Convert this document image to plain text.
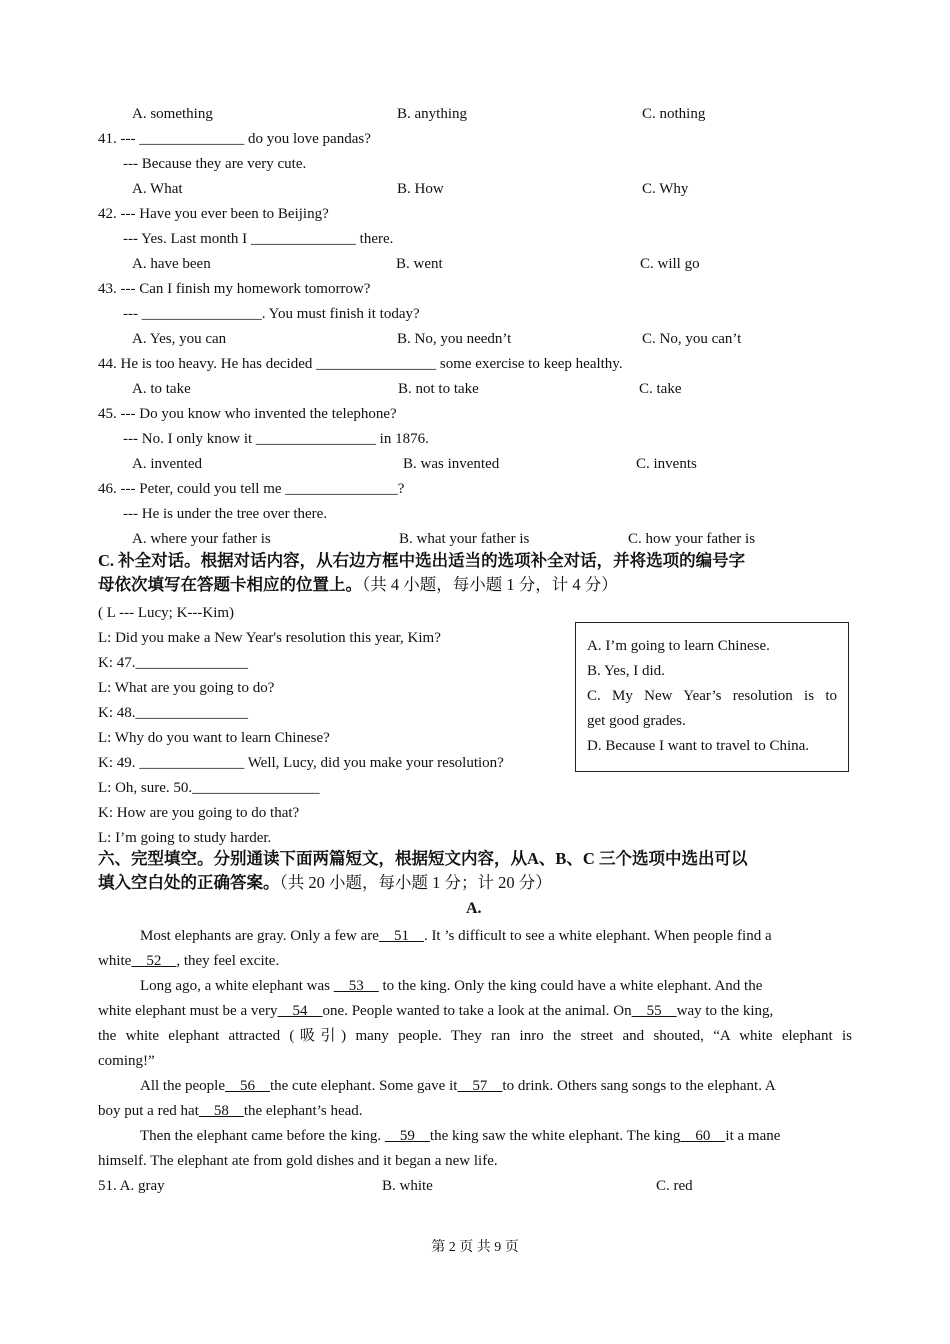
A. something	B. anything	C. nothing
41. --- ______________ do you love pandas?
--- Because they are very cute.
A. What	B. How	C. Why
42. --- Have you ever been to Beijing?
--- Yes. Last month I ______________ there.
A. have been	B. went	C. will go
43. --- Can I finish my homework tomorrow?
--- ________________. You must finish it today?
A. Yes, you can	B. No, you needn’t	C. No, you can’t
44. He is too heavy. He has decided ________________ some exercise to keep healthy.
A. to take	B. not to take	C. take
45. --- Do you know who invented the telephone?
--- No. I only know it ________________ in 1876.
A. invented	B. was invented	C. invents
46. --- Peter, could you tell me _______________?
--- He is under the tree over there.
A. where your father is	B. what your father is	C. how your father is
C. 补全对话。根据对话内容，从右边方框中选出适当的选项补全对话，并将选项的编号字
母依次填写在答题卡相应的位置上。（共 4 小题，每小题 1 分，计 4 分）
( L --- Lucy; K---Kim)
L: Did you make a New Year's resolution this year, Kim?
K: 47._______________
L: What are you going to do?
K: 48._______________
L: Why do you want to learn Chinese?
K: 49. ______________ Well, Lucy, did you make your resolution?
L: Oh, sure. 50._________________
K: How are you going to do that?
L: I’m going to study harder.
A. I’m going to learn Chinese.
B. Yes, I did.
C. My New Year’s resolution is to
get good grades.
D. Because I want to travel to China.
六、完型填空。分别通读下面两篇短文，根据短文内容，从A、B、C 三个选项中选出可以
填入空白处的正确答案。（共 20 小题，每小题 1 分；计 20 分）
A.
Most elephants are gray. Only a few are    51    . It ’s difficult to see a white elephant. When people find a
white    52    , they feel excite.
Long ago, a white elephant was     53     to the king. Only the king could have a white elephant. And the
white elephant must be a very    54    one. People wanted to take a look at the animal. On    55    way to the king,
the white elephant attracted (吸引) many people. They ran inro the street and shouted, “A white elephant is
coming!”
All the people    56    the cute elephant. Some gave it    57    to drink. Others sang songs to the elephant. A
boy put a red hat    58    the elephant’s head.
Then the elephant came before the king.     59    the king saw the white elephant. The king    60    it a mane
himself. The elephant ate from gold dishes and it began a new life.
51. A. gray	B. white	C. red
第 2 页 共 9 页
